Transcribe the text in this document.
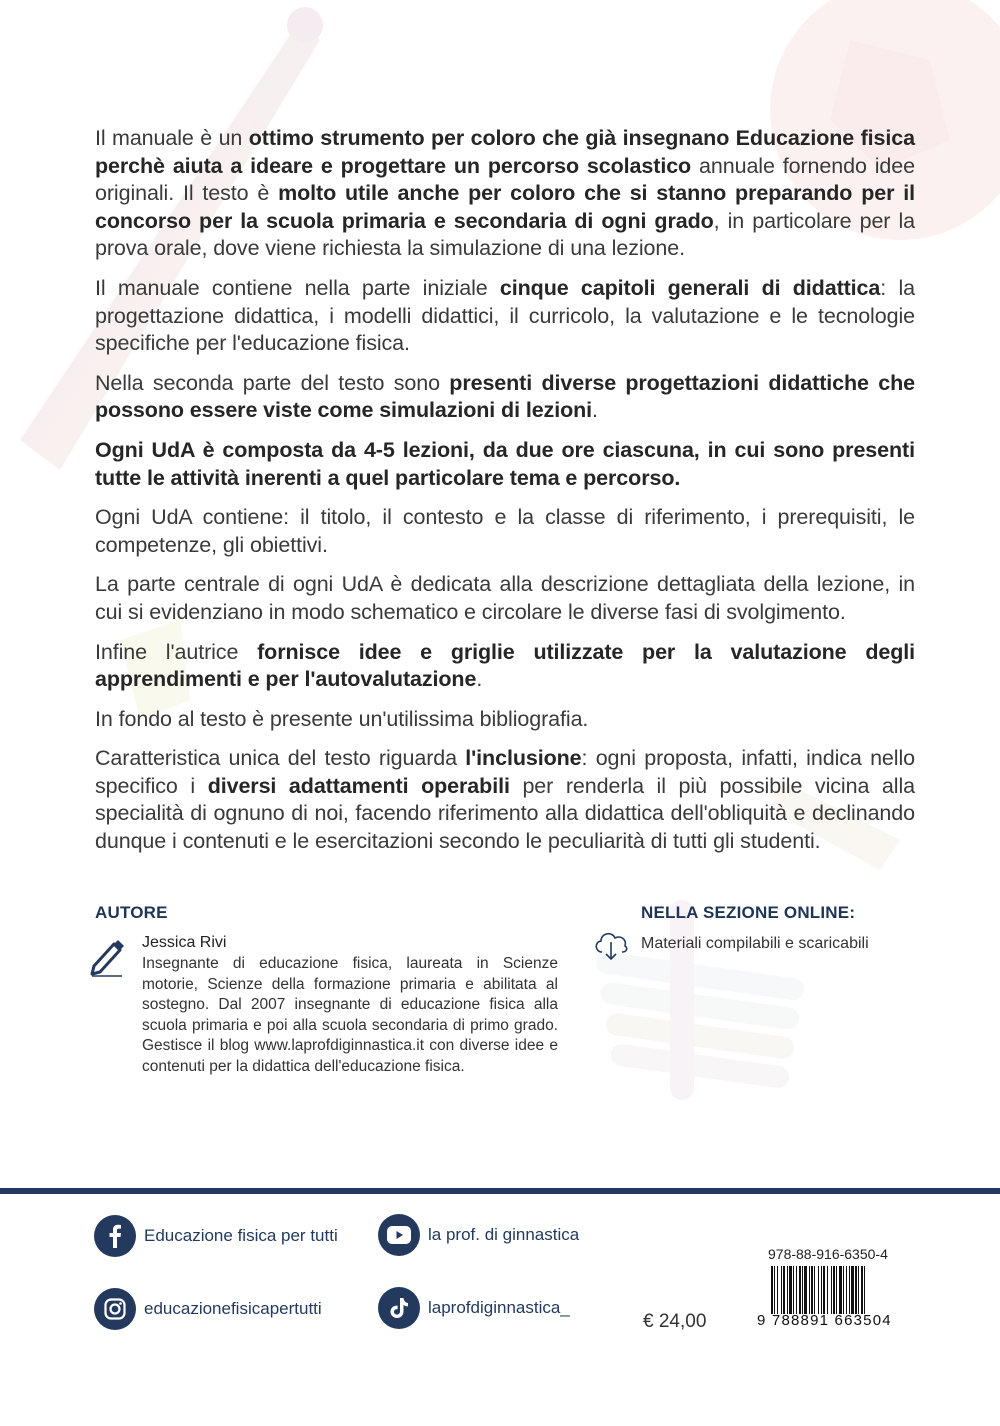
Il manuale è un ottimo strumento per coloro che già insegnano Educazione fisica perchè aiuta a ideare e progettare un percorso scolastico annuale fornendo idee originali. Il testo è molto utile anche per coloro che si stanno preparando per il concorso per la scuola primaria e secondaria di ogni grado, in particolare per la prova orale, dove viene richiesta la simulazione di una lezione.

Il manuale contiene nella parte iniziale cinque capitoli generali di didattica: la progettazione didattica, i modelli didattici, il curricolo, la valutazione e le tecnologie specifiche per l'educazione fisica.

Nella seconda parte del testo sono presenti diverse progettazioni didattiche che possono essere viste come simulazioni di lezioni.

Ogni UdA è composta da 4-5 lezioni, da due ore ciascuna, in cui sono presenti tutte le attività inerenti a quel particolare tema e percorso.

Ogni UdA contiene: il titolo, il contesto e la classe di riferimento, i prerequisiti, le competenze, gli obiettivi.

La parte centrale di ogni UdA è dedicata alla descrizione dettagliata della lezione, in cui si evidenziano in modo schematico e circolare le diverse fasi di svolgimento.

Infine l'autrice fornisce idee e griglie utilizzate per la valutazione degli apprendimenti e per l'autovalutazione.

In fondo al testo è presente un'utilissima bibliografia.

Caratteristica unica del testo riguarda l'inclusione: ogni proposta, infatti, indica nello specifico i diversi adattamenti operabili per renderla il più possibile vicina alla specialità di ognuno di noi, facendo riferimento alla didattica dell'obliquità e declinando dunque i contenuti e le esercitazioni secondo le peculiarità di tutti gli studenti.

AUTORE

Jessica Rivi

Insegnante di educazione fisica, laureata in Scienze motorie, Scienze della formazione primaria e abilitata al sostegno. Dal 2007 insegnante di educazione fisica alla scuola primaria e poi alla scuola secondaria di primo grado. Gestisce il blog www.laprofdiginnastica.it con diverse idee e contenuti per la didattica dell'educazione fisica.

NELLA SEZIONE ONLINE:
Materiali compilabili e scaricabili
Educazione fisica per tutti	la prof. di ginnastica
educazionefisicapertutti	laprofdiginnastica_
€ 24,00
978-88-916-6350-4
9 788891 663504
